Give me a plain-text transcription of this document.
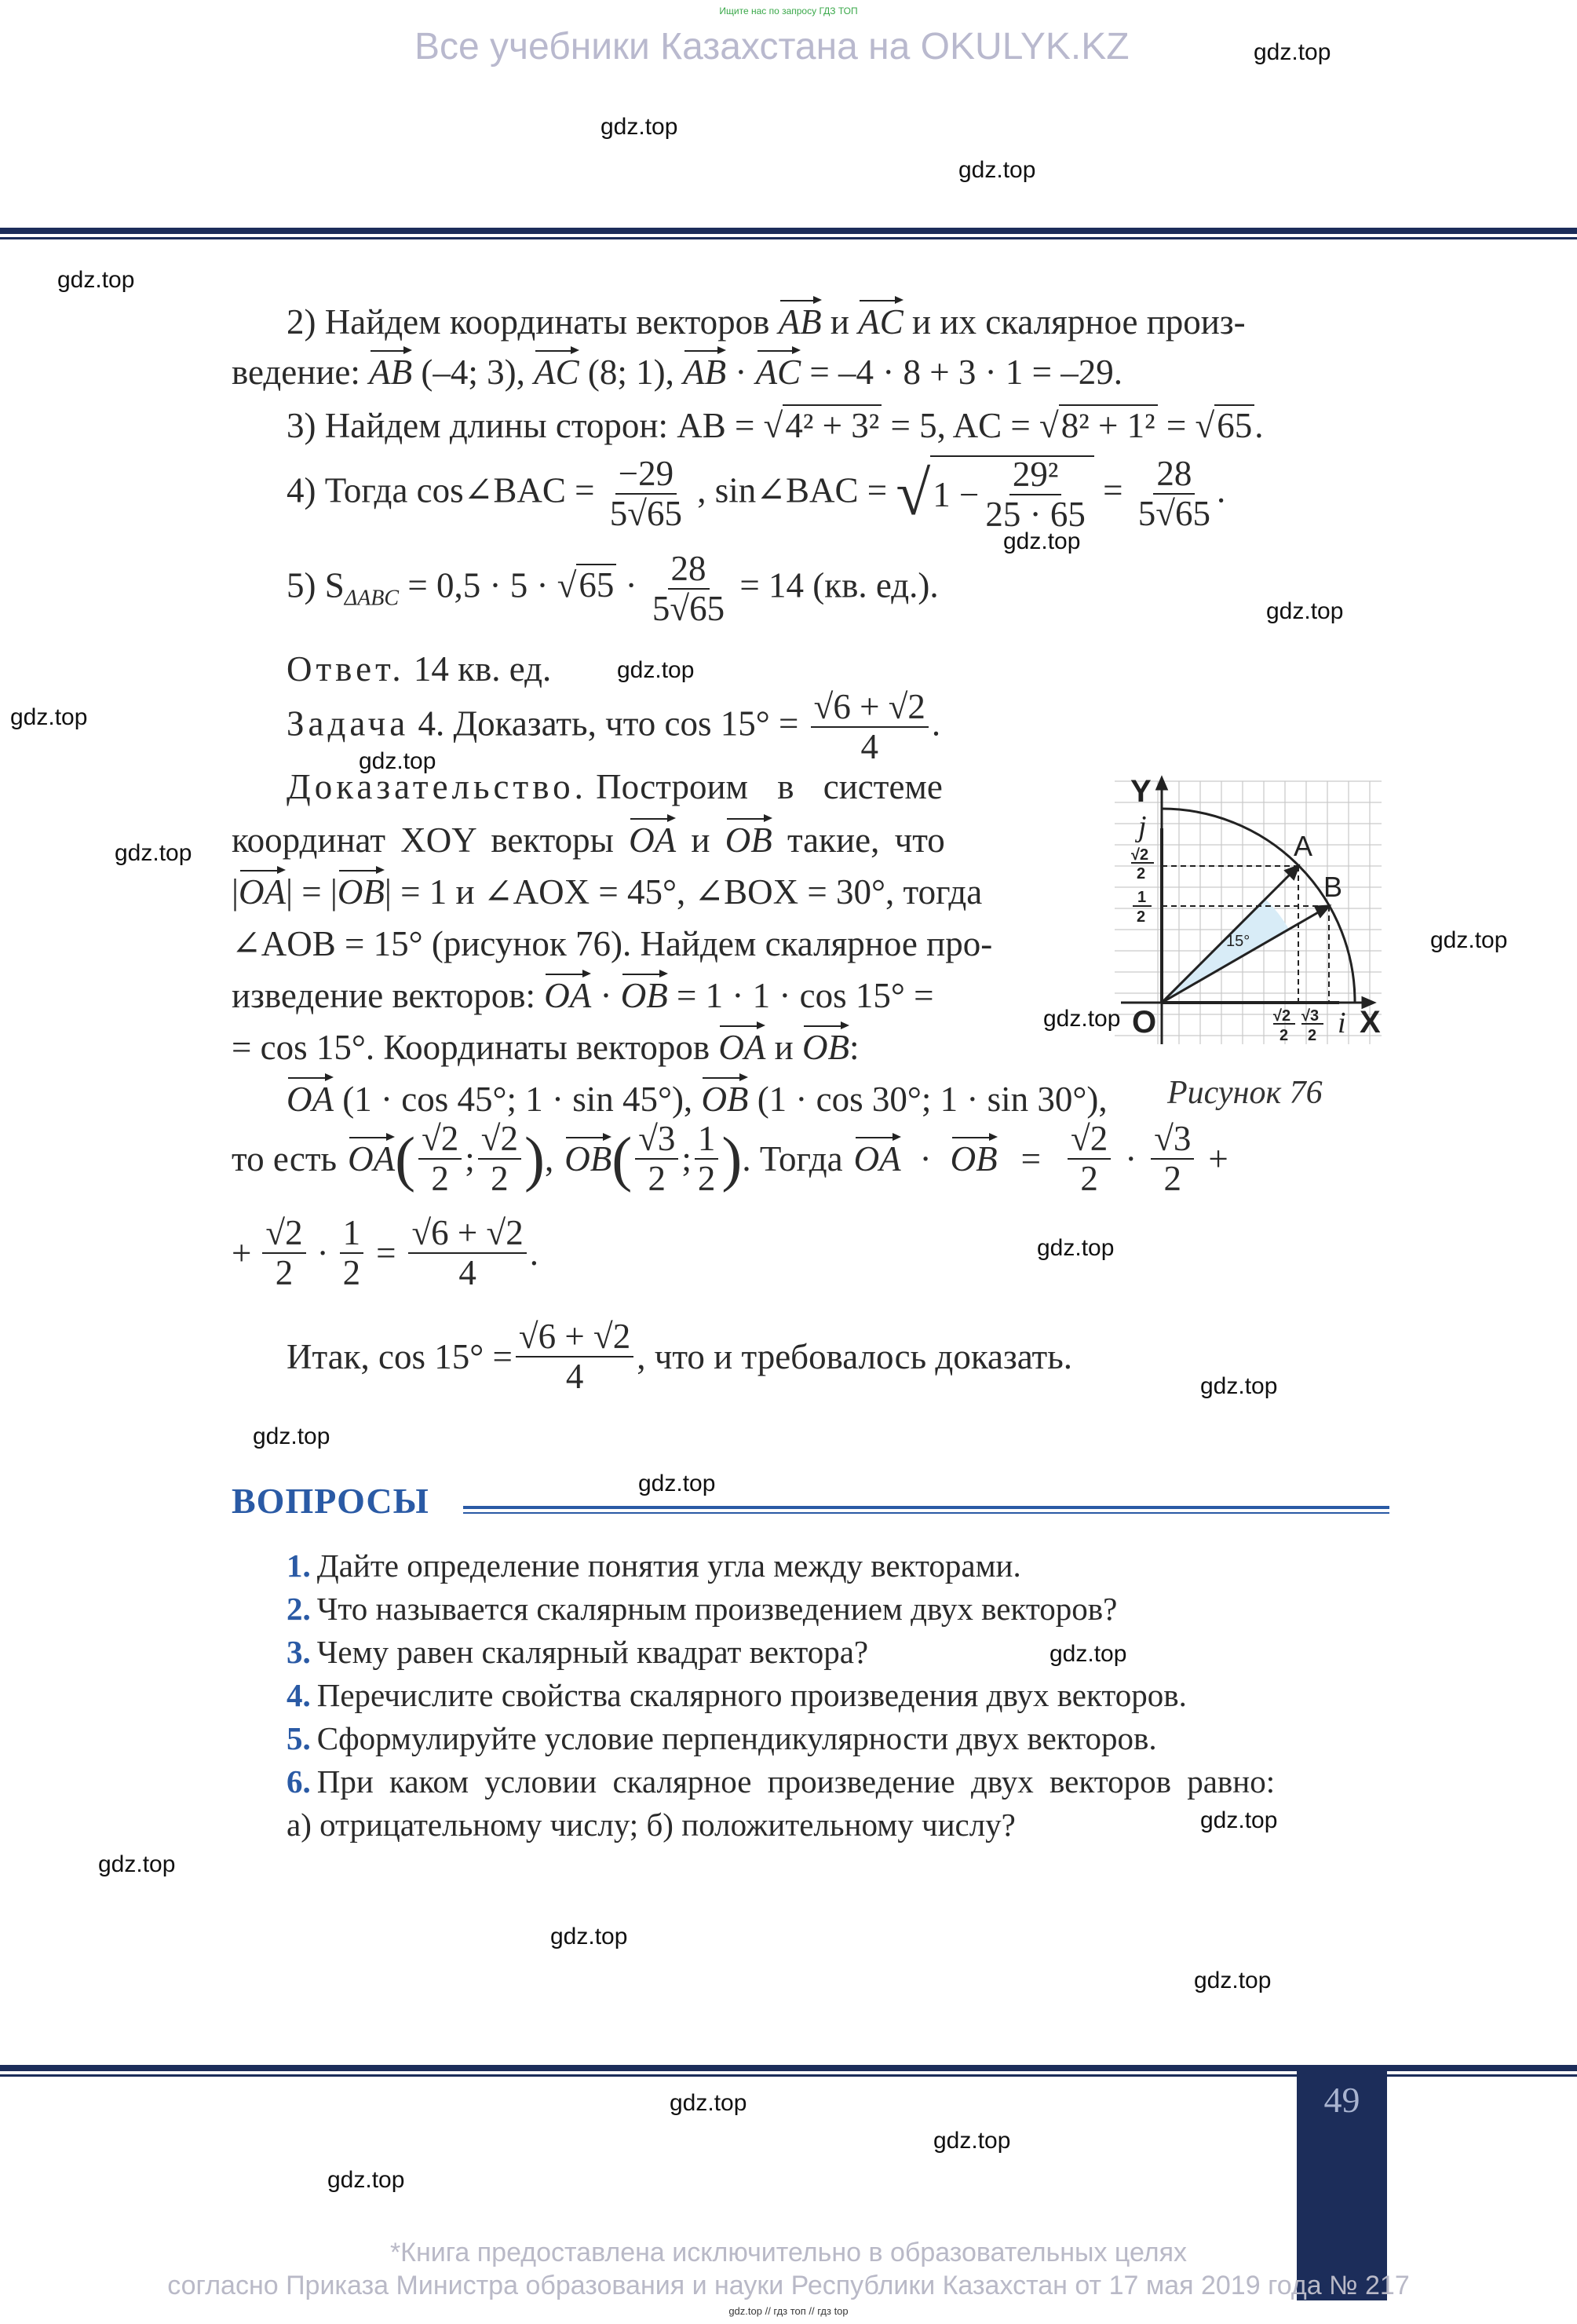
Ищите нас по запросу ГДЗ ТОП
Все учебники Казахстана на OKULYK.KZ
2) Найдем координаты векторов AB и AC и их скалярное произ-
ведение: AB (–4; 3), AC (8; 1), AB · AC = –4 · 8 + 3 · 1 = –29.
3) Найдем длины сторон: AB = √4² + 3² = 5, AC = √8² + 1² = √65.
4) Тогда cos∠BAC = $\frac{-29}{5√65}$ , sin∠BAC = √ $1 - \frac{\text{29²}}{25 \cdot 65} = \frac{28}{5√65}$ .
5) $S_{\Delta ABC} = 0,5 \cdot 5 \cdot √65 \cdot \frac{28}{5√65} = 14$ (кв. ед.).
Ответ. 14 кв. ед.
Задача 4. Доказать, что $\cos 15^\circ = \frac{√6 + √2}{4}$ .
Доказательство. Построим в системе
координат XOY векторы OA и OB такие, что
|OA| = |OB| = 1 и ∠AOX = 45°, ∠BOX = 30°, тогда
∠AOB = 15° (рисунок 76). Найдем скалярное про-
изведение векторов: OA · OB = 1 · 1 · cos 15° =
= cos 15°. Координаты векторов OA и OB:
OA (1 · cos 45°; 1 · sin 45°), OB (1 · cos 30°; 1 · sin 30°),
то есть OA ( $\frac{√2}{2}$ ; $\frac{√2}{2}$ ) , OB ( $\frac{√3}{2}$ ; $\frac{1}{2}$ ) . Тогда OA · OB = $\frac{√2}{2} \cdot \frac{√3}{2}$ +
+ $\frac{√2}{2} \cdot \frac{1}{2} = \frac{√6 + √2}{4}$ .
Итак, $\cos 15^\circ = \frac{√6 + √2}{4}$ , что и требовалось доказать.
Y
X
O
A
B
j
i
15°
√2
2
1
2
√2
2
√3
2
Рисунок 76
ВОПРОСЫ
1. Дайте определение понятия угла между векторами.
2. Что называется скалярным произведением двух векторов?
3. Чему равен скалярный квадрат вектора?
4. Перечислите свойства скалярного произведения двух векторов.
5. Сформулируйте условие перпендикулярности двух векторов.
6. При каком условии скалярное произведение двух векторов равно:
а) отрицательному числу; б) положительному числу?
49
*Книга предоставлена исключительно в образовательных целях
согласно Приказа Министра образования и науки Республики Казахстан от 17 мая 2019 года № 217
gdz.top // гдз топ // гдз top
gdz.top
gdz.top
gdz.top
gdz.top
gdz.top
gdz.top
gdz.top
gdz.top
gdz.top
gdz.top
gdz.top
gdz.top
gdz.top
gdz.top
gdz.top
gdz.top
gdz.top
gdz.top
gdz.top
gdz.top
gdz.top
gdz.top
gdz.top
gdz.top
